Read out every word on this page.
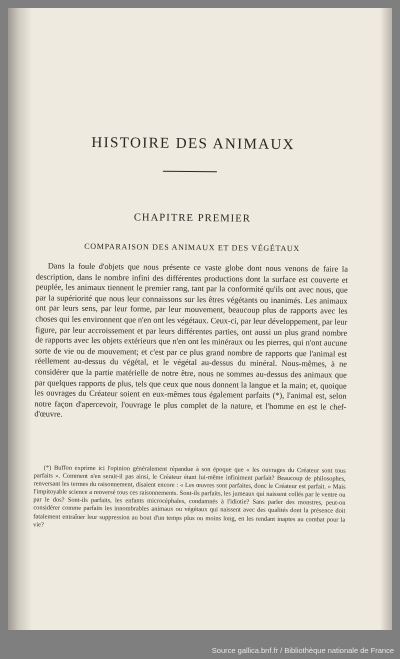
HISTOIRE DES ANIMAUX
CHAPITRE PREMIER
COMPARAISON DES ANIMAUX ET DES VÉGÉTAUX

Dans la foule d'objets que nous présente ce vaste globe dont nous venons de faire la description, dans le nombre infini des différentes productions dont la surface est couverte et peuplée, les animaux tiennent le premier rang, tant par la conformité qu'ils ont avec nous, que par la supériorité que nous leur connaissons sur les êtres végétants ou inanimés. Les animaux ont par leurs sens, par leur forme, par leur mouvement, beaucoup plus de rapports avec les choses qui les environnent que n'en ont les végétaux. Ceux-ci, par leur développement, par leur figure, par leur accroissement et par leurs différentes parties, ont aussi un plus grand nombre de rapports avec les objets extérieurs que n'en ont les minéraux ou les pierres, qui n'ont aucune sorte de vie ou de mouvement; et c'est par ce plus grand nombre de rapports que l'animal est réellement au-dessus du végétal, et le végétal au-dessus du minéral. Nous-mêmes, à ne considérer que la partie matérielle de notre être, nous ne sommes au-dessus des animaux que par quelques rapports de plus, tels que ceux que nous donnent la langue et la main; et, quoique les ouvrages du Créateur soient en eux-mêmes tous également parfaits (*), l'animal est, selon notre façon d'apercevoir, l'ouvrage le plus complet de la nature, et l'homme en est le chef-d'œuvre.

(*) Buffon exprime ici l'opinion généralement répandue à son époque que « les ouvrages du Créateur sont tous parfaits ». Comment n'en serait-il pas ainsi, le Créateur étant lui-même infiniment parfait? Beaucoup de philosophes, renversant les termes du raisonnement, disaient encore : « Les œuvres sont parfaites, donc le Créateur est parfait. » Mais l'impitoyable science a renversé tous ces raisonnements. Sont-ils parfaits, les jumeaux qui naissent collés par le ventre ou par le dos? Sont-ils parfaits, les enfants microcéphales, condamnés à l'idiotie? Sans parler des monstres, peut-on considérer comme parfaits les innombrables animaux ou végétaux qui naissent avec des qualités dont la présence doit fatalement entraîner leur suppression au bout d'un temps plus ou moins long, en les rendant inaptes au combat pour la vie?

Source gallica.bnf.fr / Bibliothèque nationale de France
